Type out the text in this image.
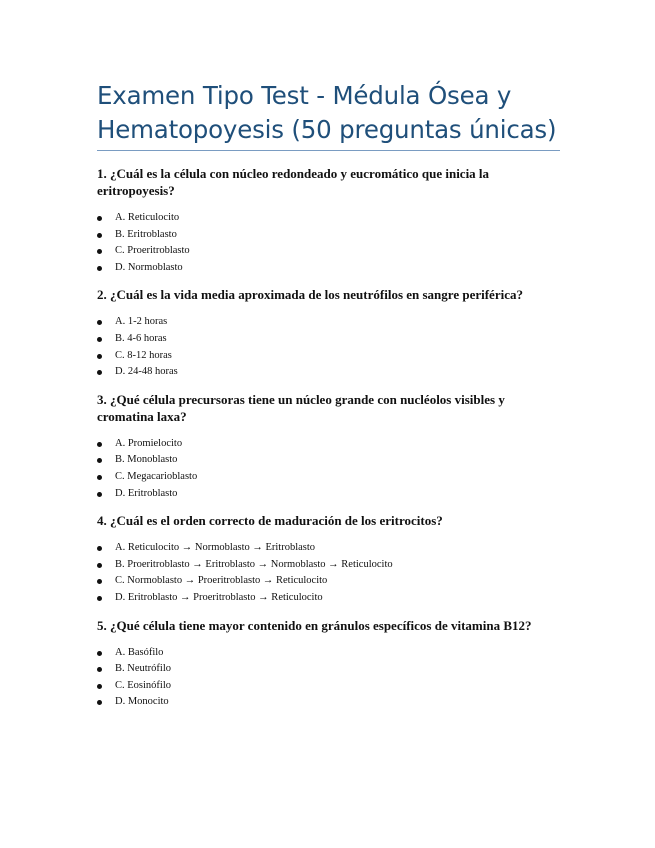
Examen Tipo Test - Médula Ósea y
Hematopoyesis (50 preguntas únicas)

1. ¿Cuál es la célula con núcleo redondeado y eucromático que inicia la eritropoyesis?

A. Reticulocito
B. Eritroblasto
C. Proeritroblasto
D. Normoblasto

2. ¿Cuál es la vida media aproximada de los neutrófilos en sangre periférica?

A. 1-2 horas
B. 4-6 horas
C. 8-12 horas
D. 24-48 horas

3. ¿Qué célula precursoras tiene un núcleo grande con nucléolos visibles y cromatina laxa?

A. Promielocito
B. Monoblasto
C. Megacarioblasto
D. Eritroblasto

4. ¿Cuál es el orden correcto de maduración de los eritrocitos?

A. Reticulocito → Normoblasto → Eritroblasto
B. Proeritroblasto → Eritroblasto → Normoblasto → Reticulocito
C. Normoblasto → Proeritroblasto → Reticulocito
D. Eritroblasto → Proeritroblasto → Reticulocito

5. ¿Qué célula tiene mayor contenido en gránulos específicos de vitamina B12?

A. Basófilo
B. Neutrófilo
C. Eosinófilo
D. Monocito
